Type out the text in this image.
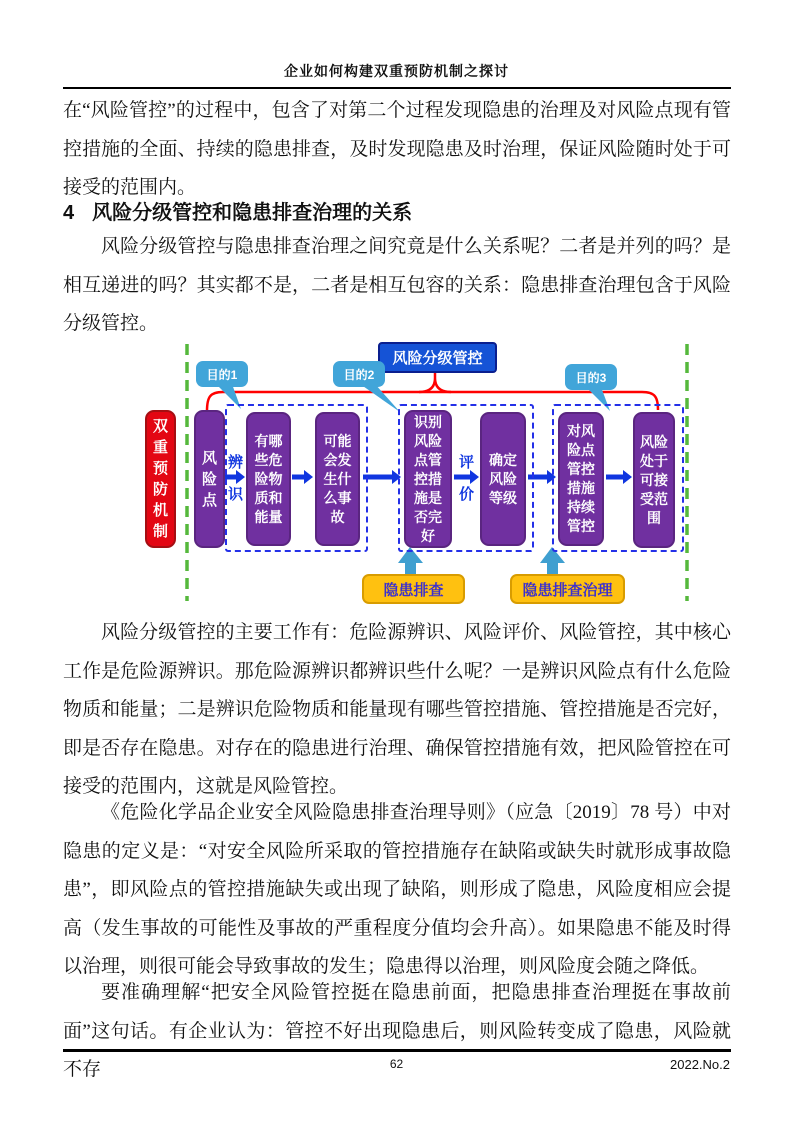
企业如何构建双重预防机制之探讨
在“风险管控”的过程中，包含了对第二个过程发现隐患的治理及对风险点现有管控措施的全面、持续的隐患排查，及时发现隐患及时治理，保证风险随时处于可接受的范围内。
4 风险分级管控和隐患排查治理的关系
风险分级管控与隐患排查治理之间究竟是什么关系呢？二者是并列的吗？是相互递进的吗？其实都不是，二者是相互包容的关系：隐患排查治理包含于风险分级管控。
风险分级管控
目的1	目的2	目的3
双重预防机制
风险点
有哪些危险物质和能量
可能会发生什么事故
识别风险点管控措施是否完好
确定风险等级
对风险点管控措施持续管控
风险处于可接受范围
辨
识
评
价
隐患排查	隐患排查治理
风险分级管控的主要工作有：危险源辨识、风险评价、风险管控，其中核心工作是危险源辨识。那危险源辨识都辨识些什么呢？一是辨识风险点有什么危险物质和能量；二是辨识危险物质和能量现有哪些管控措施、管控措施是否完好，即是否存在隐患。对存在的隐患进行治理、确保管控措施有效，把风险管控在可接受的范围内，这就是风险管控。
《危险化学品企业安全风险隐患排查治理导则》（应急〔2019〕78 号）中对隐患的定义是：“对安全风险所采取的管控措施存在缺陷或缺失时就形成事故隐患”，即风险点的管控措施缺失或出现了缺陷，则形成了隐患，风险度相应会提高（发生事故的可能性及事故的严重程度分值均会升高）。如果隐患不能及时得以治理，则很可能会导致事故的发生；隐患得以治理，则风险度会随之降低。
要准确理解“把安全风险管控挺在隐患前面，把隐患排查治理挺在事故前面”这句话。有企业认为：管控不好出现隐患后，则风险转变成了隐患，风险就不存	62	2022.No.2
